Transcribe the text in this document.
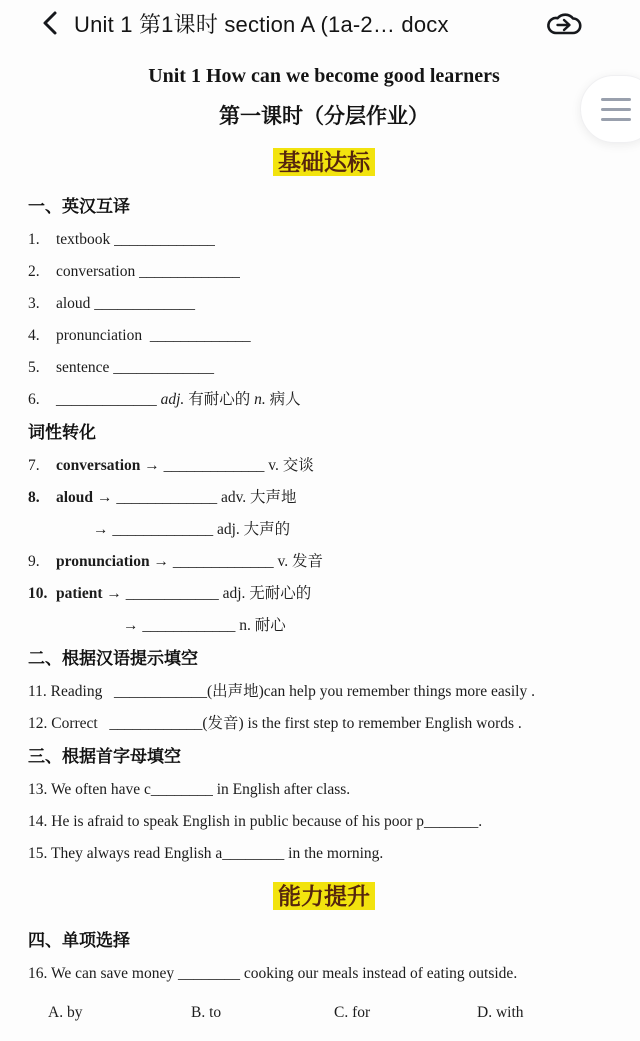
Unit 1 第1课时 section A (1a-2… docx
Unit 1 How can we become good learners
第一课时（分层作业）
基础达标
一、英汉互译
1.	textbook _____________
2.	conversation _____________
3.	aloud _____________
4.	pronunciation  _____________
5.	sentence _____________
6.	_____________ adj. 有耐心的 n. 病人
词性转化
7.	conversation → _____________ v. 交谈
8.	aloud → _____________ adv. 大声地
→ _____________ adj. 大声的
9.	pronunciation → _____________ v. 发音
10. patient → ____________ adj. 无耐心的
→ ____________ n. 耐心
二、根据汉语提示填空
11. Reading   ____________(出声地)can help you remember things more easily .
12. Correct   ____________(发音) is the first step to remember English words .
三、根据首字母填空
13. We often have c________ in English after class.
14. He is afraid to speak English in public because of his poor p_______.
15. They always read English a________ in the morning.
能力提升
四、单项选择
16. We can save money ________ cooking our meals instead of eating outside.
A. by	B. to	C. for	D. with
